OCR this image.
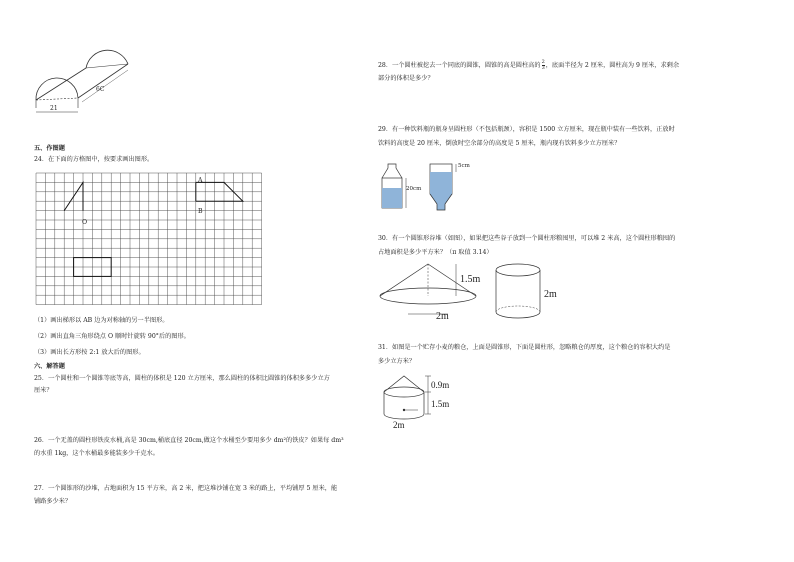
6C
21
五、作图题
24．在下面的方格图中，按要求画出图形。
A
B
O
（1）画出梯形以 AB 边为对称轴的另一半图形。
（2）画出直角三角形绕点 O 顺时针旋转 90°后的图形。
（3）画出长方形按 2:1 放大后的图形。
六、解答题
25．一个圆柱和一个圆锥等底等高，圆柱的体积是 120 立方厘米，那么圆柱的体积比圆锥的体积多多少立方
厘米？
26．一个无盖的圆柱形铁皮水桶,高是 30cm,桶底直径 20cm,做这个水桶至少要用多少 dm²的铁皮？如果每 dm³
的水重 1kg，这个水桶最多能装多少千克水。
27．一个圆锥形的沙堆，占地面积为 15 平方米，高 2 米，把这堆沙铺在宽 3 米的路上，平均铺厚 5 厘米，能
铺路多少米？
28．一个圆柱被挖去一个同底的圆锥，圆锥的高是圆柱高的 $\frac{2}{3}$ ，底面半径为 2 厘米，圆柱高为 9 厘米，求剩余
部分的体积是多少？
29．有一种饮料瓶的瓶身呈圆柱形（不包括瓶颈），容积是 1500 立方厘米，现在瓶中装有一些饮料，正放时
饮料的高度是 20 厘米，倒放时空余部分的高度是 5 厘米，瓶内现有饮料多少立方厘米？
20cm
5cm
30．有一个圆锥形谷堆（如图），如果把这些谷子放到一个圆柱形粮囤里，可以堆 2 米高，这个圆柱形粮囤的
占地面积是多少平方米？（π 取值 3.14）
1.5m
2m
2m
31．如图是一个贮存小麦的粮仓，上面是圆锥形，下面是圆柱形，忽略粮仓的厚度，这个粮仓的容积大约是
多少立方米？
0.9m
1.5m
2m
